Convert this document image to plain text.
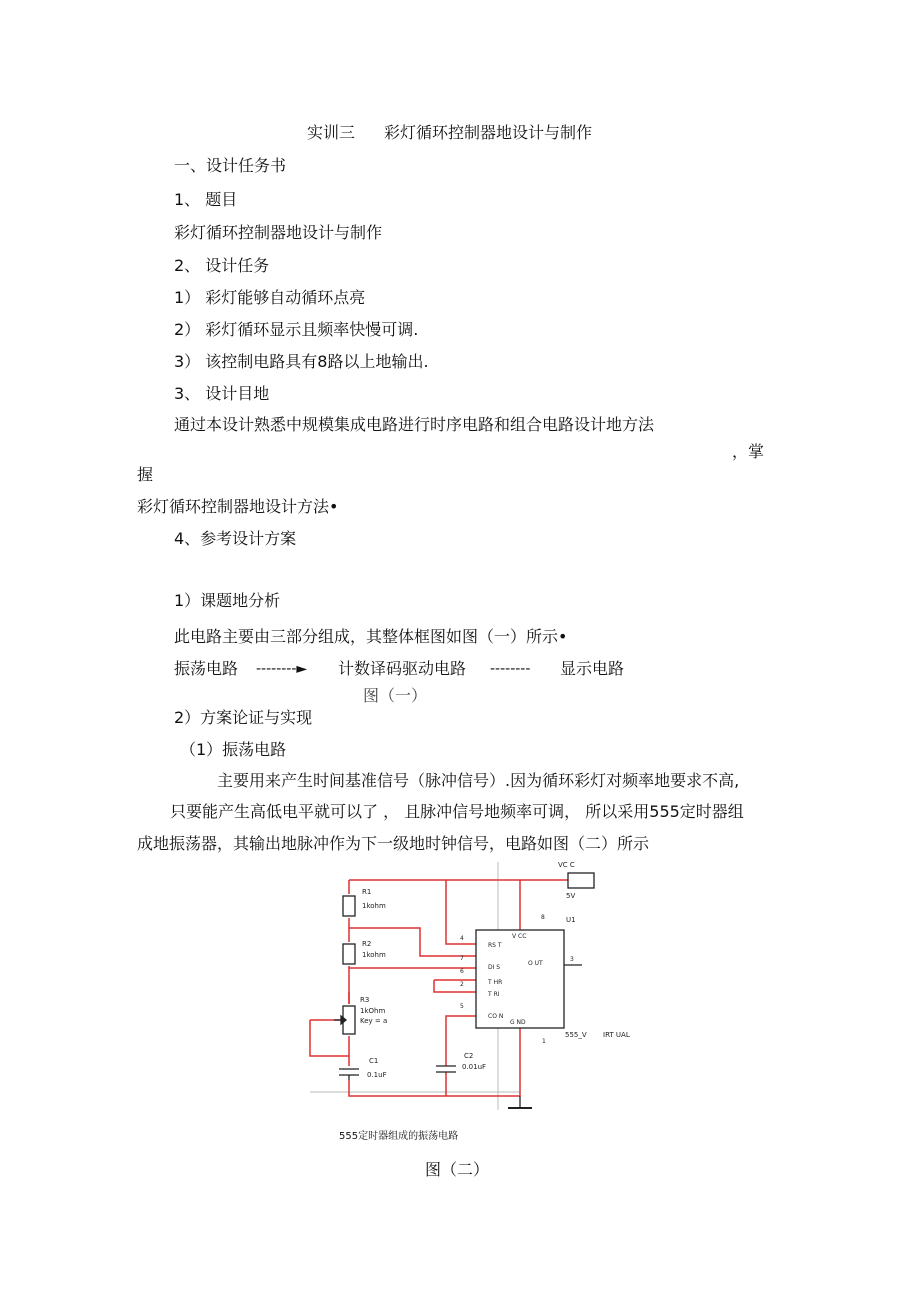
实训三 彩灯循环控制器地设计与制作
一、设计任务书
1、 题目
彩灯循环控制器地设计与制作
2、 设计任务
1） 彩灯能够自动循环点亮
2） 彩灯循环显示且频率快慢可调.
3） 该控制电路具有8路以上地输出.
3、 设计目地
通过本设计熟悉中规模集成电路进行时序电路和组合电路设计地方法
，掌
握
彩灯循环控制器地设计方法•
4、参考设计方案
1）课题地分析
此电路主要由三部分组成，其整体框图如图（一）所示•
振荡电路 --------► 计数译码驱动电路 -------- 显示电路
图（一）
2）方案论证与实现
（1）振荡电路
主要用来产生时间基准信号（脉冲信号）.因为循环彩灯对频率地要求不高,
只要能产生高低电平就可以了 ， 且脉冲信号地频率可调， 所以采用555定时器组
成地振荡器，其输出地脉冲作为下一级地时钟信号，电路如图（二）所示
VC C
5V
R1
1kohm
R2
1kohm
R3
1kOhm
Key = a
C1
0.1uF
C2
0.01uF
U1
555_V IRT UAL
8
4
7
6
2
5
3
1
V CC
RS T
DI S
T HR
T RI
CO N
O UT
G ND
555定时器组成的振荡电路
图（二）
